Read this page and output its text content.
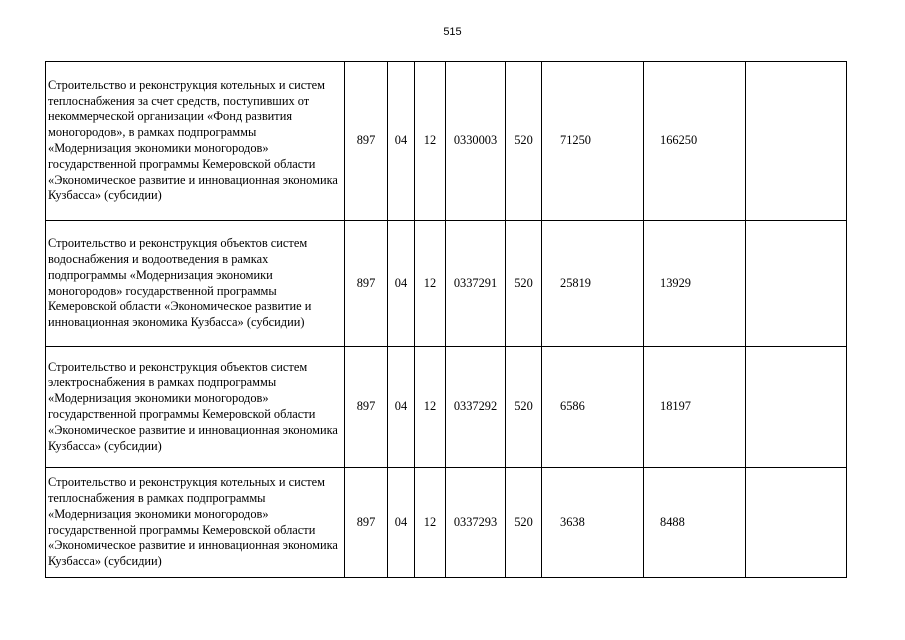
515
Строительство и реконструкция котельных и систем теплоснабжения за счет средств, поступивших от некоммерческой организации «Фонд развития моногородов», в рамках подпрограммы «Модернизация экономики моногородов» государственной программы Кемеровской области «Экономическое развитие и инновационная экономика Кузбасса» (субсидии)	897	04	12	0330003	520	71250	166250	
Строительство и реконструкция объектов систем водоснабжения и водоотведения в рамках подпрограммы «Модернизация экономики моногородов» государственной программы Кемеровской области «Экономическое развитие и инновационная экономика Кузбасса» (субсидии)	897	04	12	0337291	520	25819	13929	
Строительство и реконструкция объектов систем электроснабжения в рамках подпрограммы «Модернизация экономики моногородов» государственной программы Кемеровской области «Экономическое развитие и инновационная экономика Кузбасса» (субсидии)	897	04	12	0337292	520	6586	18197	
Строительство и реконструкция котельных и систем теплоснабжения в рамках подпрограммы «Модернизация экономики моногородов» государственной программы Кемеровской области «Экономическое развитие и инновационная экономика Кузбасса» (субсидии)	897	04	12	0337293	520	3638	8488	
